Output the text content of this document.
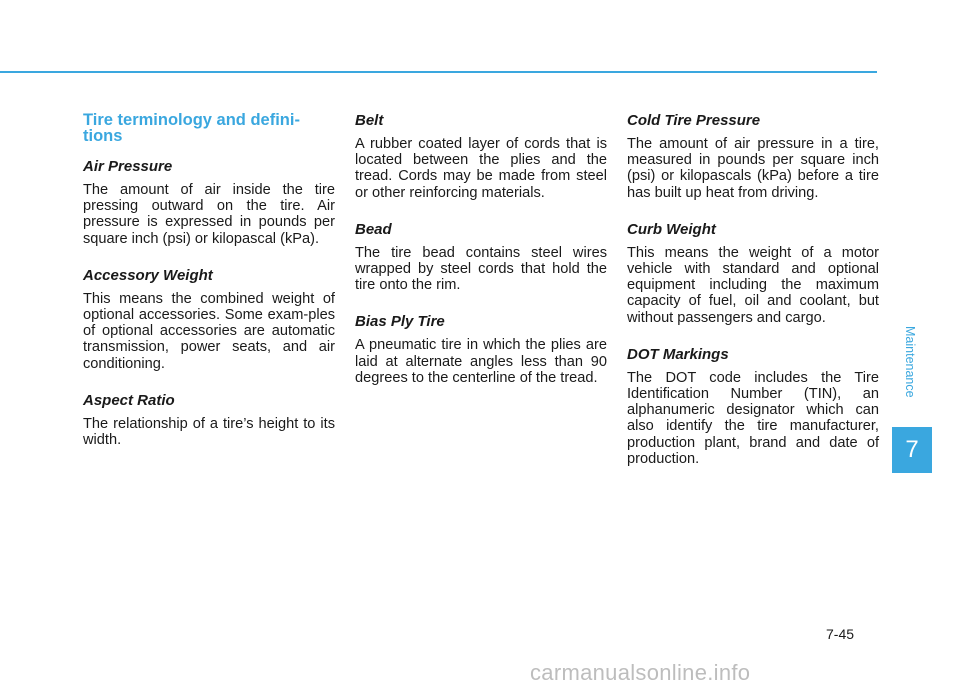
Tire terminology and defini-
tions
Air Pressure
The amount of air inside the tire pressing outward on the tire. Air pressure is expressed in pounds per square inch (psi) or kilopascal (kPa).
Accessory Weight
This means the combined weight of optional accessories. Some exam-ples of optional accessories are automatic transmission, power seats, and air conditioning.
Aspect Ratio
The relationship of a tire’s height to its width.
Belt
A rubber coated layer of cords that is located between the plies and the tread. Cords may be made from steel or other reinforcing materials.
Bead
The tire bead contains steel wires wrapped by steel cords that hold the tire onto the rim.
Bias Ply Tire
A pneumatic tire in which the plies are laid at alternate angles less than 90 degrees to the centerline of the tread.
Cold Tire Pressure
The amount of air pressure in a tire, measured in pounds per square inch (psi) or kilopascals (kPa) before a tire has built up heat from driving.
Curb Weight
This means the weight of a motor vehicle with standard and optional equipment including the maximum capacity of fuel, oil and coolant, but without passengers and cargo.
DOT Markings
The DOT code includes the Tire Identification Number (TIN), an alphanumeric designator which can also identify the tire manufacturer, production plant, brand and date of production.
Maintenance
7
7-45
carmanualsonline.info
